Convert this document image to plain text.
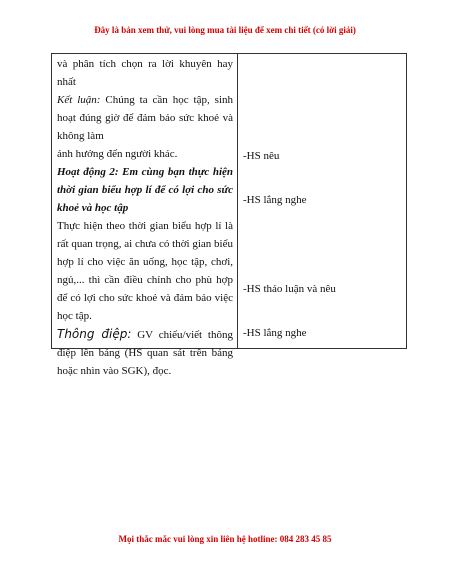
Đây là bản xem thử, vui lòng mua tài liệu để xem chi tiết (có lời giải)

và phân tích chọn ra lời khuyên hay nhất

Kết luận: Chúng ta cần học tập, sinh hoạt đúng giờ để đảm bảo sức khoẻ và không làm

ảnh hưởng đến người khác.

Hoạt động 2: Em cùng bạn thực hiện thời gian biểu hợp lí để có lợi cho sức khoẻ và học tập

Thực hiện theo thời gian biểu hợp lí là rất quan trọng, ai chưa có thời gian biểu hợp lí cho việc ăn uống, học tập, chơi, ngủ,... thì cần điều chỉnh cho phù hợp để có lợi cho sức khoẻ và đảm bảo việc học tập.

Thông điệp: GV chiếu/viết thông điệp lên bảng (HS quan sát trên bảng hoặc nhìn vào SGK), đọc.

-HS nêu
-HS lắng nghe
-HS thảo luận và nêu
-HS lắng nghe
Mọi thắc mắc vui lòng xin liên hệ hotline: 084 283 45 85
